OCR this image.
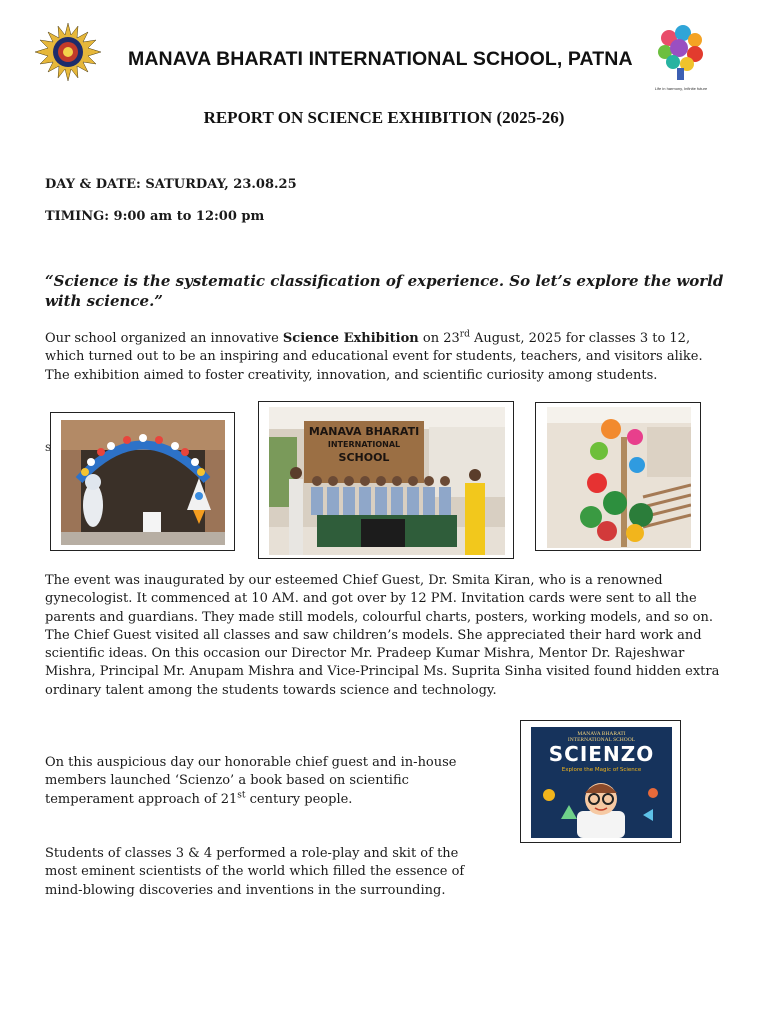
MANAVA BHARATI INTERNATIONAL SCHOOL, PATNA
Life in harmony, Infinite future
REPORT ON SCIENCE EXHIBITION (2025-26)
DAY & DATE: SATURDAY, 23.08.25
TIMING: 9:00 am to 12:00 pm
“Science is the systematic classification of experience. So let’s explore the world with science.”
Our school organized an innovative Science Exhibition on 23rd August, 2025 for classes 3 to 12, which turned out to be an inspiring and educational event for students, teachers, and visitors alike. The exhibition aimed to foster creativity, innovation, and scientific curiosity among students.
s
MANAVA BHARATI
INTERNATIONAL
SCHOOL
The event was inaugurated by our esteemed Chief Guest, Dr. Smita Kiran, who is a renowned gynecologist. It commenced at 10 AM. and got over by 12 PM. Invitation cards were sent to all the parents and guardians. They made still models, colourful charts, posters, working models, and so on. The Chief Guest visited all classes and saw children’s models. She appreciated their hard work and scientific ideas. On this occasion our Director Mr. Pradeep Kumar Mishra, Mentor Dr. Rajeshwar Mishra, Principal Mr. Anupam Mishra and Vice-Principal Ms. Suprita Sinha visited found hidden extra ordinary talent among the students towards science and technology.
MANAVA BHARATI
INTERNATIONAL SCHOOL
SCIENZO
Explore the Magic of Science
On this auspicious day our honorable chief guest and in-house members launched ‘Scienzo’ a book based on scientific temperament approach of 21st century people.
Students of classes 3 & 4 performed a role-play and skit of the most eminent scientists of the world which filled the essence of mind-blowing discoveries and inventions in the surrounding.
